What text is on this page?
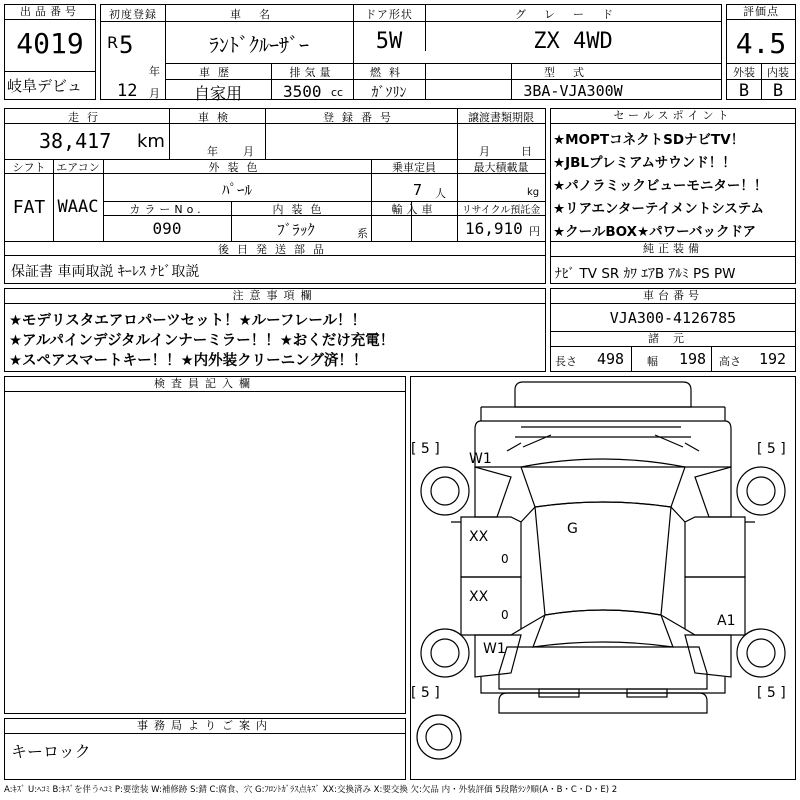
出品番号
4019
岐阜デビュ
初度登録
R 5
年
12 月
車名
ﾗﾝﾄﾞｸﾙｰｻﾞｰ
ドア形状
5W
グレード
ZX 4WD
車歴
自家用
排気量
3500 cc
燃料
ｶﾞｿﾘﾝ
型式
3BA-VJA300W
評価点
4.5
外装	内装
B	B
走行
38,417 km
車検
年 月
登録番号	譲渡書類期限
月	日
シフト
FAT
エアコン
WAAC
外装色
ﾊﾟｰﾙ
乗車定員
7 人
最大積載量
kg
カラーNo.
090
内装色
ﾌﾞﾗｯｸ	系
輸入車	リサイクル預託金
16,910 円
後日発送部品
保証書 車両取説 ｷｰﾚｽ ﾅﾋﾞ取説
セールスポイント
★MOPTコネクトSDナビTV！
★JBLプレミアムサウンド！！
★パノラミックビューモニター！！
★リアエンターテイメントシステム
★クールBOX★パワーバックドア
純正装備
ﾅﾋﾞ TV SR ｶﾜ ｴｱB ｱﾙﾐ PS PW
注意事項欄
★モデリスタエアロパーツセット！★ルーフレール！！
★アルパインデジタルインナーミラー！！★おくだけ充電！
★スペアスマートキー！！★内外装クリーニング済！！
車台番号
VJA300-4126785
諸元
長さ 498 幅 198 高さ 192
検査員記入欄
事務局よりご案内
キーロック
[ 5 ]	[ 5 ]
[ 5 ]	[ 5 ]
W1
G
XX
XX
0
0
W1
A1
A:ｷｽﾞ U:ﾍｺﾐ B:ｷｽﾞを伴うﾍｺﾐ P:要塗装 W:補修跡 S:錆 C:腐食、穴 G:ﾌﾛﾝﾄｶﾞﾗｽ点ｷｽﾞ XX:交換済み X:要交換 欠:欠品 内・外装評価 5段階ﾗﾝｸ順(A・B・C・D・E) 2
